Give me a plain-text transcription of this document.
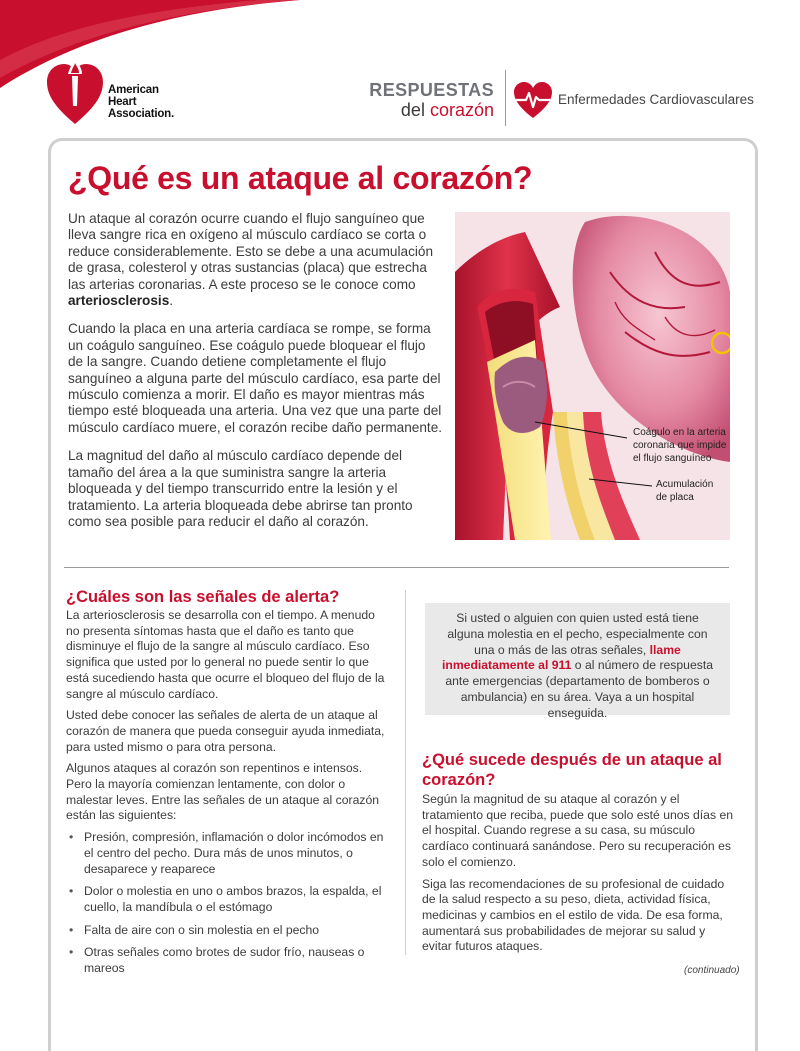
American
Heart
Association.
RESPUESTAS
del corazón
Enfermedades Cardiovasculares
¿Qué es un ataque al corazón?

Un ataque al corazón ocurre cuando el flujo sanguíneo que lleva sangre rica en oxígeno al músculo cardíaco se corta o reduce considerablemente. Esto se debe a una acumulación de grasa, colesterol y otras sustancias (placa) que estrecha las arterias coronarias. A este proceso se le conoce como arteriosclerosis.

Cuando la placa en una arteria cardíaca se rompe, se forma un coágulo sanguíneo. Ese coágulo puede bloquear el flujo de la sangre. Cuando detiene completamente el flujo sanguíneo a alguna parte del músculo cardíaco, esa parte del músculo comienza a morir. El daño es mayor mientras más tiempo esté bloqueada una arteria. Una vez que una parte del músculo cardíaco muere, el corazón recibe daño permanente.

La magnitud del daño al músculo cardíaco depende del tamaño del área a la que suministra sangre la arteria bloqueada y del tiempo transcurrido entre la lesión y el tratamiento. La arteria bloqueada debe abrirse tan pronto como sea posible para reducir el daño al corazón.

Coágulo en la arteria
coronaria que impide
el flujo sanguíneo
Acumulación
de placa
¿Cuáles son las señales de alerta?

La arteriosclerosis se desarrolla con el tiempo. A menudo no presenta síntomas hasta que el daño es tanto que disminuye el flujo de la sangre al músculo cardíaco. Eso significa que usted por lo general no puede sentir lo que está sucediendo hasta que ocurre el bloqueo del flujo de la sangre al músculo cardíaco.

Usted debe conocer las señales de alerta de un ataque al corazón de manera que pueda conseguir ayuda inmediata, para usted mismo o para otra persona.

Algunos ataques al corazón son repentinos e intensos. Pero la mayoría comienzan lentamente, con dolor o malestar leves. Entre las señales de un ataque al corazón están las siguientes:

• Presión, compresión, inflamación o dolor incómodos en el centro del pecho. Dura más de unos minutos, o desaparece y reaparece
• Dolor o molestia en uno o ambos brazos, la espalda, el cuello, la mandíbula o el estómago
• Falta de aire con o sin molestia en el pecho
• Otras señales como brotes de sudor frío, nauseas o mareos
Si usted o alguien con quien usted está tiene alguna molestia en el pecho, especialmente con una o más de las otras señales, llame inmediatamente al 911 o al número de respuesta ante emergencias (departamento de bomberos o ambulancia) en su área. Vaya a un hospital enseguida.
¿Qué sucede después de un ataque al corazón?

Según la magnitud de su ataque al corazón y el tratamiento que reciba, puede que solo esté unos días en el hospital. Cuando regrese a su casa, su músculo cardíaco continuará sanándose. Pero su recuperación es solo el comienzo.

Siga las recomendaciones de su profesional de cuidado de la salud respecto a su peso, dieta, actividad física, medicinas y cambios en el estilo de vida. De esa forma, aumentará sus probabilidades de mejorar su salud y evitar futuros ataques.

(continuado)
